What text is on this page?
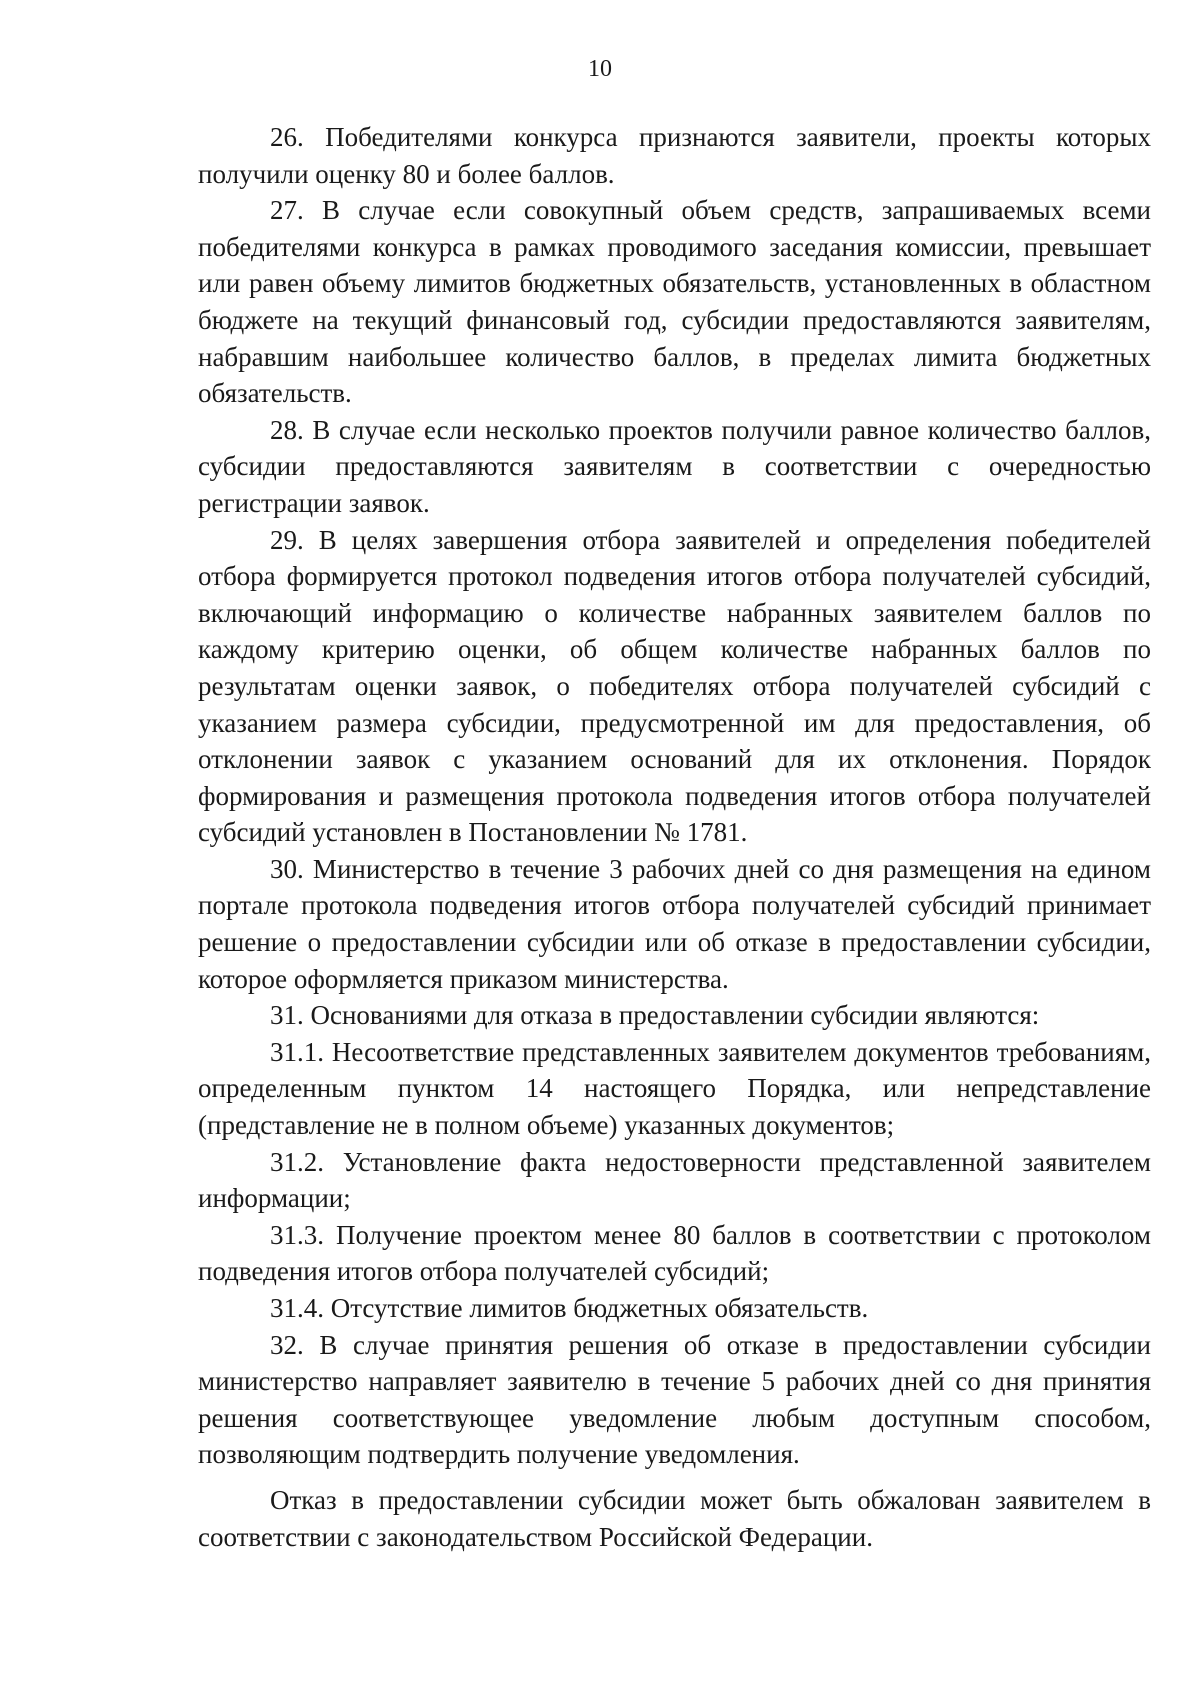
10

26. Победителями конкурса признаются заявители, проекты которых получили оценку 80 и более баллов.

27. В случае если совокупный объем средств, запрашиваемых всеми победителями конкурса в рамках проводимого заседания комиссии, превышает или равен объему лимитов бюджетных обязательств, установленных в областном бюджете на текущий финансовый год, субсидии предоставляются заявителям, набравшим наибольшее количество баллов, в пределах лимита бюджетных обязательств.

28. В случае если несколько проектов получили равное количество баллов, субсидии предоставляются заявителям в соответствии с очередностью регистрации заявок.

29. В целях завершения отбора заявителей и определения победителей отбора формируется протокол подведения итогов отбора получателей субсидий, включающий информацию о количестве набранных заявителем баллов по каждому критерию оценки, об общем количестве набранных баллов по результатам оценки заявок, о победителях отбора получателей субсидий с указанием размера субсидии, предусмотренной им для предоставления, об отклонении заявок с указанием оснований для их отклонения. Порядок формирования и размещения протокола подведения итогов отбора получателей субсидий установлен в Постановлении № 1781.

30. Министерство в течение 3 рабочих дней со дня размещения на едином портале протокола подведения итогов отбора получателей субсидий принимает решение о предоставлении субсидии или об отказе в предоставлении субсидии, которое оформляется приказом министерства.

31. Основаниями для отказа в предоставлении субсидии являются:

31.1. Несоответствие представленных заявителем документов требованиям, определенным пунктом 14 настоящего Порядка, или непредставление (представление не в полном объеме) указанных документов;

31.2. Установление факта недостоверности представленной заявителем информации;

31.3. Получение проектом менее 80 баллов в соответствии с протоколом подведения итогов отбора получателей субсидий;

31.4. Отсутствие лимитов бюджетных обязательств.

32. В случае принятия решения об отказе в предоставлении субсидии министерство направляет заявителю в течение 5 рабочих дней со дня принятия решения соответствующее уведомление любым доступным способом, позволяющим подтвердить получение уведомления.

Отказ в предоставлении субсидии может быть обжалован заявителем в соответствии с законодательством Российской Федерации.
